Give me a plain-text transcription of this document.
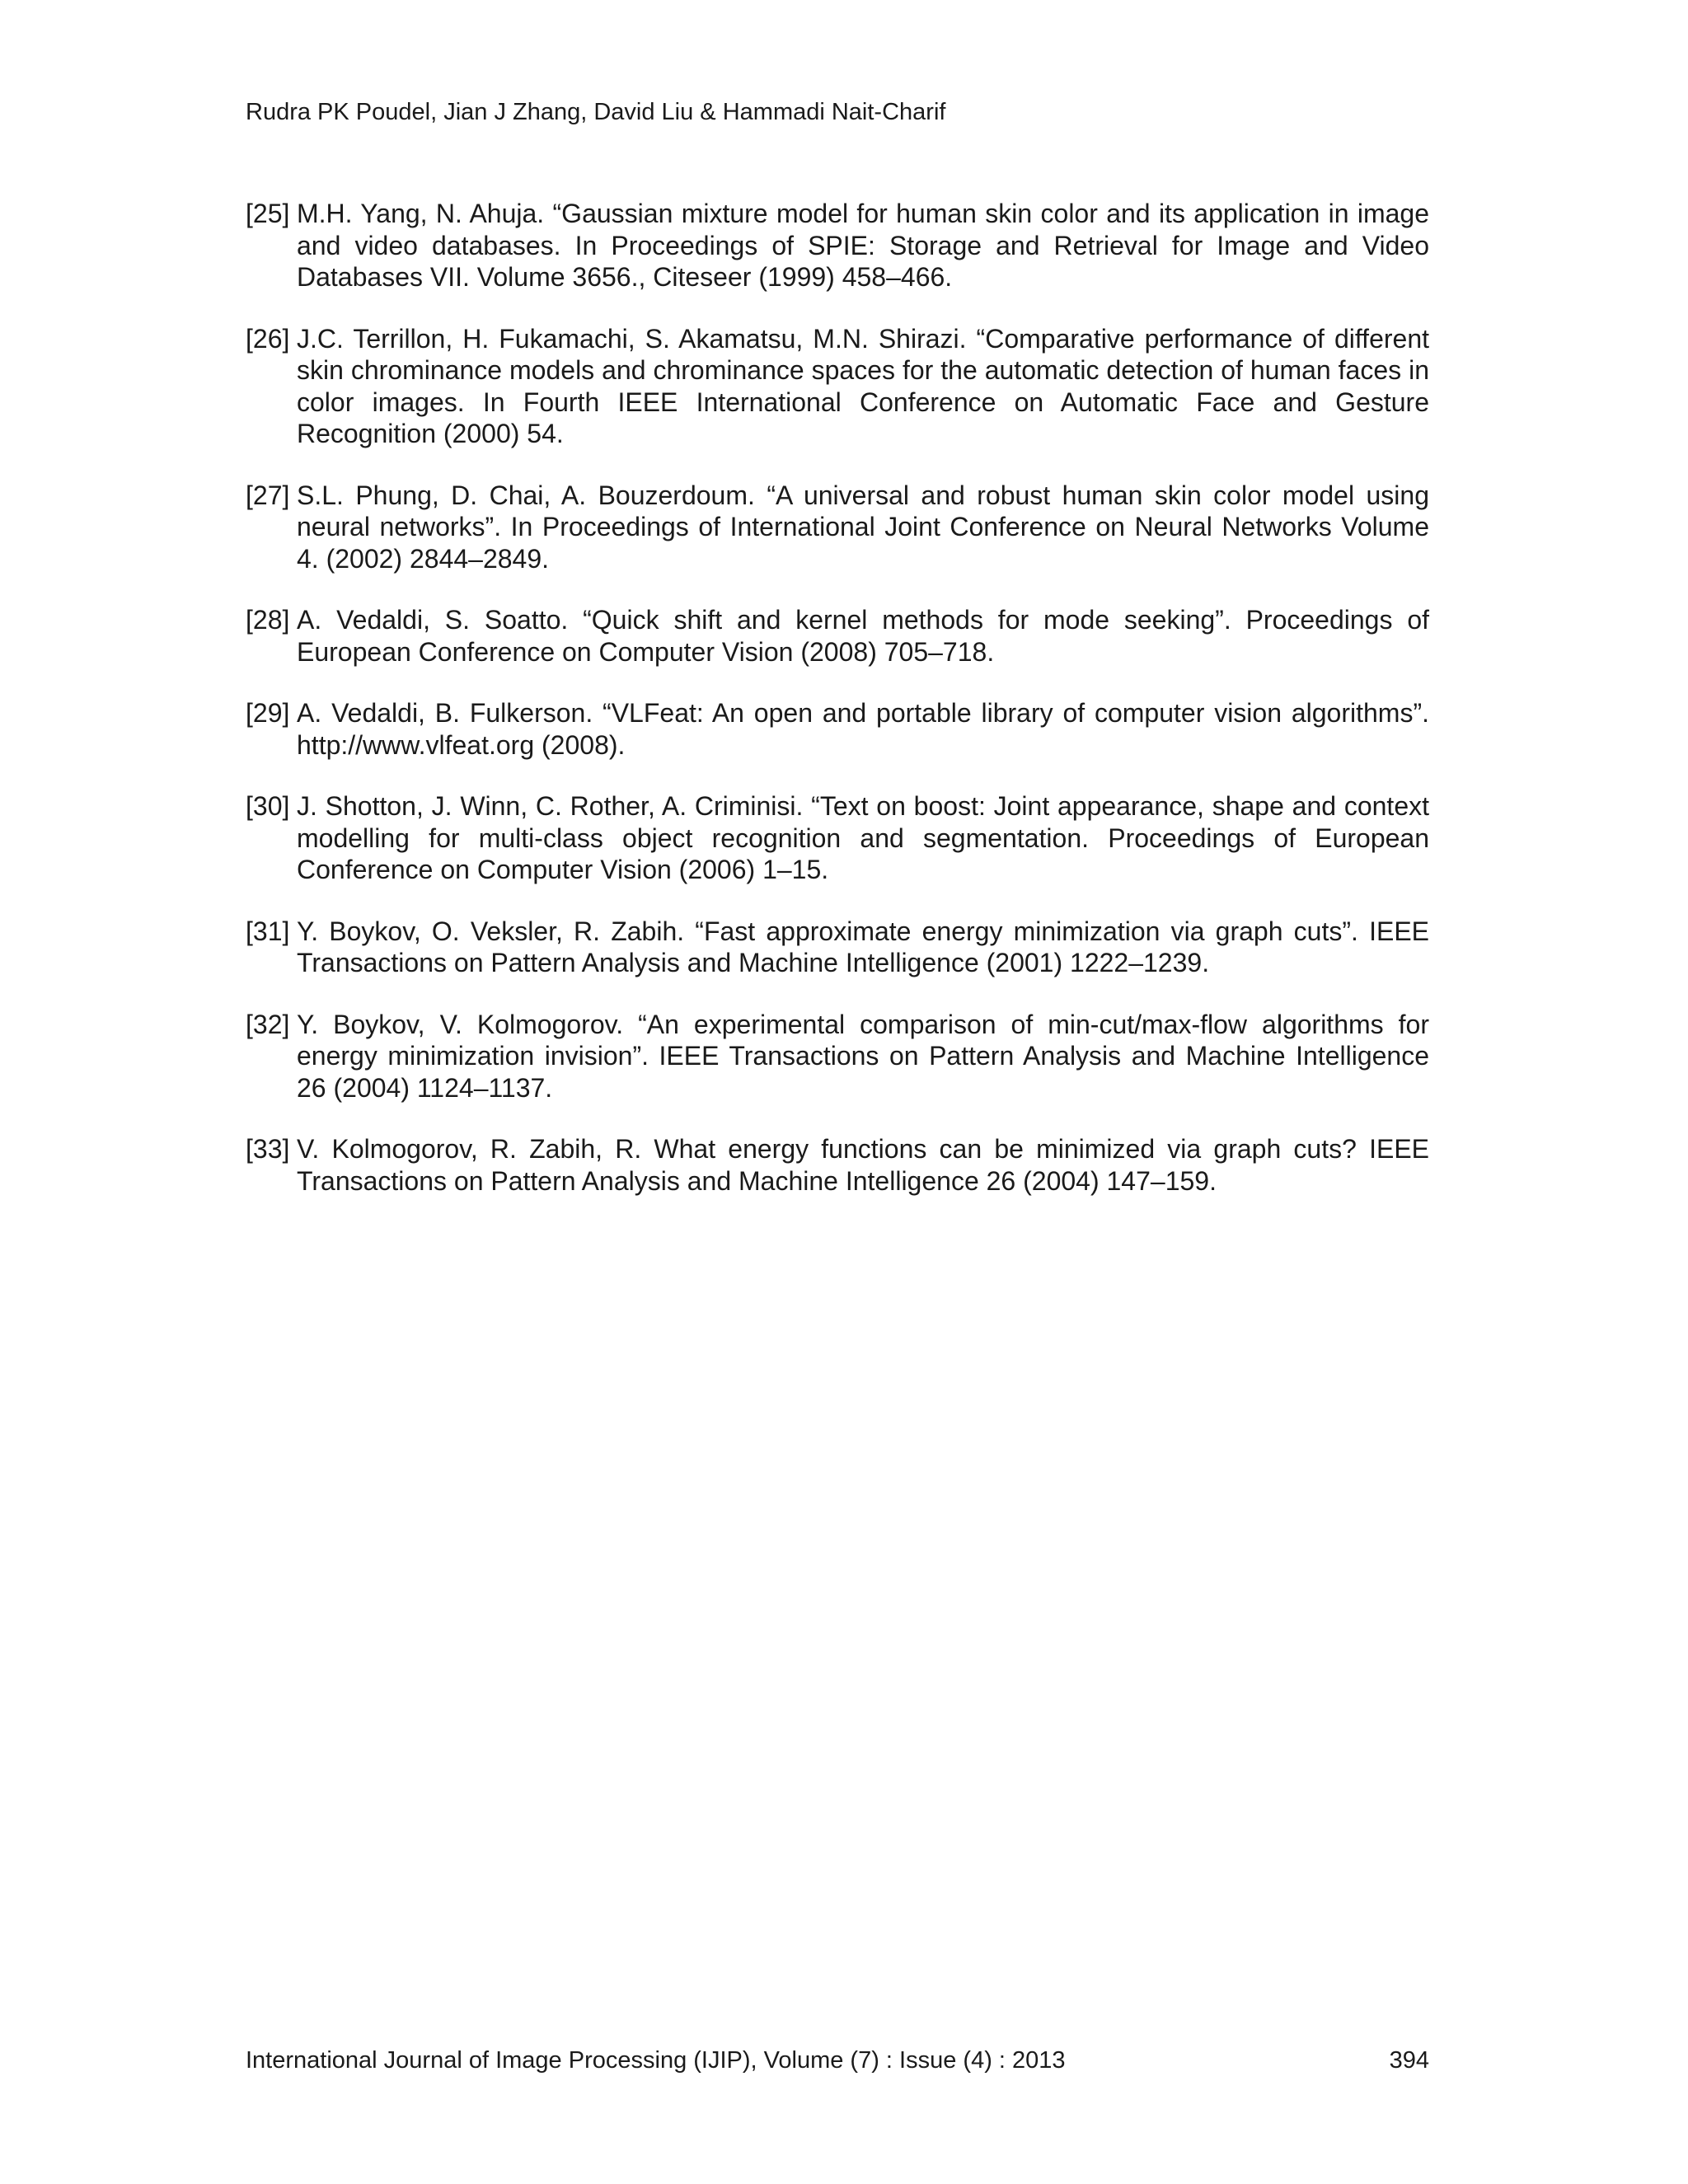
Rudra PK Poudel, Jian J Zhang, David Liu & Hammadi Nait-Charif
[25] M.H. Yang, N. Ahuja. “Gaussian mixture model for human skin color and its application in image and video databases. In Proceedings of SPIE: Storage and Retrieval for Image and Video Databases VII. Volume 3656., Citeseer (1999) 458–466.
[26] J.C. Terrillon, H. Fukamachi, S. Akamatsu, M.N. Shirazi. “Comparative performance of different skin chrominance models and chrominance spaces for the automatic detection of human faces in color images. In Fourth IEEE International Conference on Automatic Face and Gesture Recognition (2000) 54.
[27] S.L. Phung, D. Chai, A. Bouzerdoum. “A universal and robust human skin color model using neural networks”. In Proceedings of International Joint Conference on Neural Networks Volume 4. (2002) 2844–2849.
[28] A. Vedaldi, S. Soatto. “Quick shift and kernel methods for mode seeking”. Proceedings of European Conference on Computer Vision (2008) 705–718.
[29] A. Vedaldi, B. Fulkerson. “VLFeat: An open and portable library of computer vision algorithms”. http://www.vlfeat.org (2008).
[30] J. Shotton, J. Winn, C. Rother, A. Criminisi. “Text on boost: Joint appearance, shape and context modelling for multi-class object recognition and segmentation. Proceedings of European Conference on Computer Vision (2006) 1–15.
[31] Y. Boykov, O. Veksler, R. Zabih. “Fast approximate energy minimization via graph cuts”. IEEE Transactions on Pattern Analysis and Machine Intelligence (2001) 1222–1239.
[32] Y. Boykov, V. Kolmogorov. “An experimental comparison of min-cut/max-flow algorithms for energy minimization invision”. IEEE Transactions on Pattern Analysis and Machine Intelligence 26 (2004) 1124–1137.
[33] V. Kolmogorov, R. Zabih, R. What energy functions can be minimized via graph cuts? IEEE Transactions on Pattern Analysis and Machine Intelligence 26 (2004) 147–159.
International Journal of Image Processing (IJIP), Volume (7) : Issue (4) : 2013	394
